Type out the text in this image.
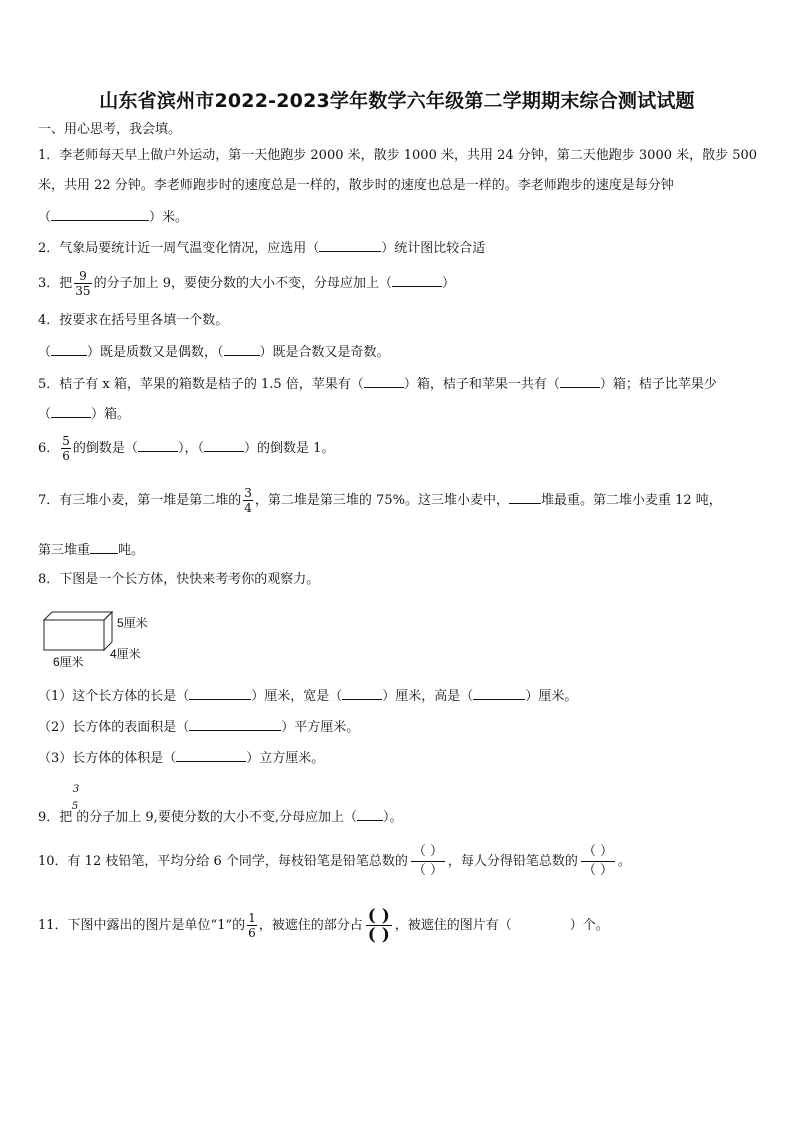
山东省滨州市2022-2023学年数学六年级第二学期期末综合测试试题
一、用心思考，我会填。
1．李老师每天早上做户外运动，第一天他跑步 2000 米，散步 1000 米，共用 24 分钟，第二天他跑步 3000 米，散步 500
米，共用 22 分钟。李老师跑步时的速度总是一样的，散步时的速度也总是一样的。李老师跑步的速度是每分钟
（	）米。
2．气象局要统计近一周气温变化情况，应选用（	）统计图比较合适
3．把 $\frac{9}{35}$ 的分子加上 9，要使分数的大小不变，分母应加上（	）
4．按要求在括号里各填一个数。
（	）既是质数又是偶数，（	）既是合数又是奇数。
5．桔子有 x 箱，苹果的箱数是桔子的 1.5 倍，苹果有（	）箱，桔子和苹果一共有（	）箱；桔子比苹果少
（	）箱。
6． $\frac{5}{6}$ 的倒数是（	），（	）的倒数是 1。
7．有三堆小麦，第一堆是第二堆的 $\frac{3}{4}$ ，第二堆是第三堆的 75%。这三堆小麦中， 堆最重。第二堆小麦重 12 吨，
第三堆重 吨。
8．下图是一个长方体，快快来考考你的观察力。
5厘米
4厘米
6厘米
（1）这个长方体的长是（	）厘米，宽是（	）厘米，高是（	）厘米。
（2）长方体的表面积是（	）平方厘米。
（3）长方体的体积是（	）立方厘米。
3
5
9．把 的分子加上 9,要使分数的大小不变,分母应加上（ ）。
10．有 12 枝铅笔，平均分给 6 个同学，每枝铅笔是铅笔总数的
（ ）
（ ）
，每人分得铅笔总数的
（ ）
（ ）
。
11．下图中露出的图片是单位“1”的 $\frac{1}{6}$ ，被遮住的部分占 ( )
( ) ，被遮住的图片有（	）个。
